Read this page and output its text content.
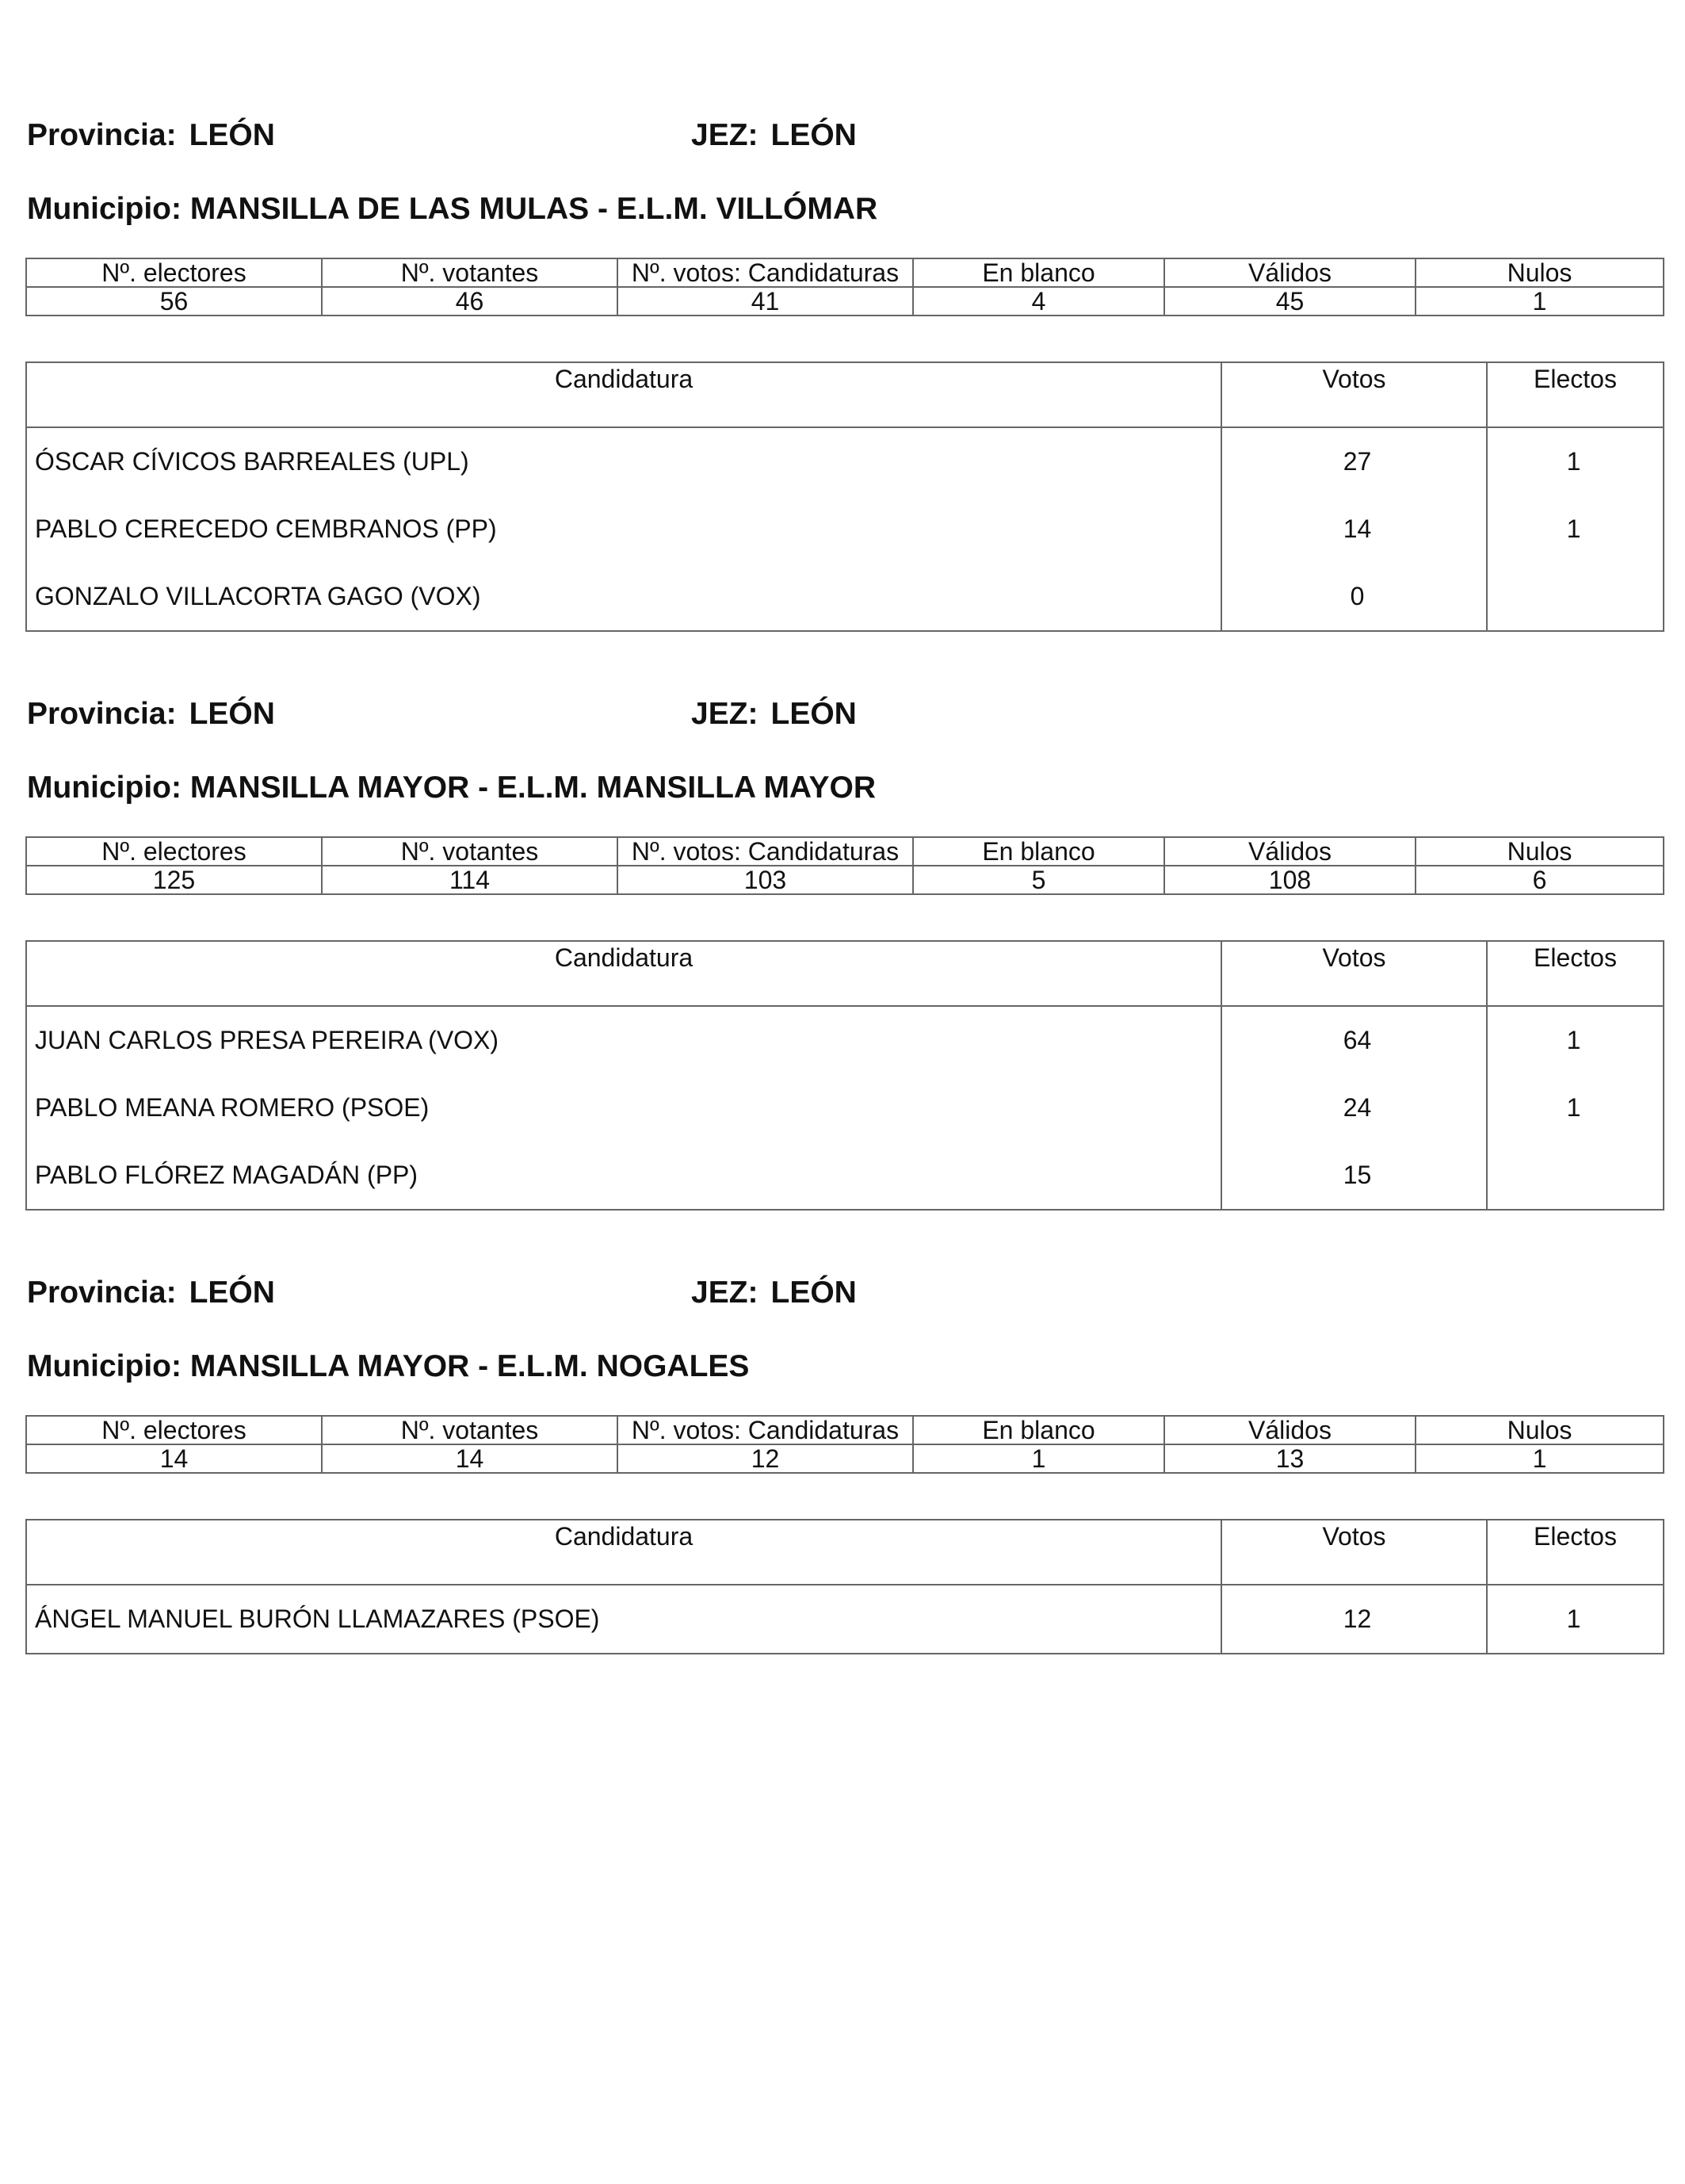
Provincia: LEÓN	JEZ: LEÓN
Municipio: MANSILLA DE LAS MULAS - E.L.M. VILLÓMAR
Nº. electores	Nº. votantes	Nº. votos: Candidaturas	En blanco	Válidos	Nulos
56	46	41	4	45	1
Candidatura	Votos	Electos
ÓSCAR CÍVICOS BARREALES (UPL)	27	1
PABLO CERECEDO CEMBRANOS (PP)	14	1
GONZALO VILLACORTA GAGO (VOX)	0	
Provincia: LEÓN	JEZ: LEÓN
Municipio: MANSILLA MAYOR - E.L.M. MANSILLA MAYOR
Nº. electores	Nº. votantes	Nº. votos: Candidaturas	En blanco	Válidos	Nulos
125	114	103	5	108	6
Candidatura	Votos	Electos
JUAN CARLOS PRESA PEREIRA (VOX)	64	1
PABLO MEANA ROMERO (PSOE)	24	1
PABLO FLÓREZ MAGADÁN (PP)	15	
Provincia: LEÓN	JEZ: LEÓN
Municipio: MANSILLA MAYOR - E.L.M. NOGALES
Nº. electores	Nº. votantes	Nº. votos: Candidaturas	En blanco	Válidos	Nulos
14	14	12	1	13	1
Candidatura	Votos	Electos
ÁNGEL MANUEL BURÓN LLAMAZARES (PSOE)	12	1
